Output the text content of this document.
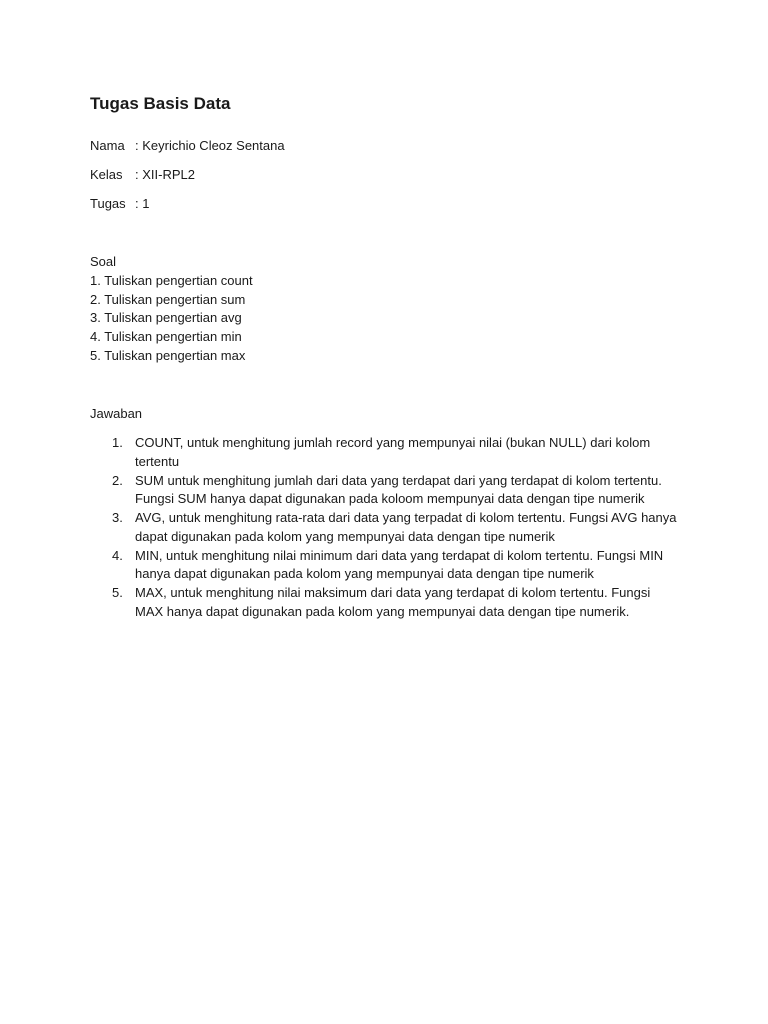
Tugas Basis Data
Nama : Keyrichio Cleoz Sentana
Kelas : XII-RPL2
Tugas : 1
Soal
1. Tuliskan pengertian count
2. Tuliskan pengertian sum
3. Tuliskan pengertian avg
4. Tuliskan pengertian min
5. Tuliskan pengertian max
Jawaban
1. COUNT, untuk menghitung jumlah record yang mempunyai nilai (bukan NULL) dari kolom tertentu
2. SUM untuk menghitung jumlah dari data yang terdapat dari yang terdapat di kolom tertentu. Fungsi SUM hanya dapat digunakan pada koloom mempunyai data dengan tipe numerik
3. AVG, untuk menghitung rata-rata dari data yang terpadat di kolom tertentu. Fungsi AVG hanya dapat digunakan pada kolom yang mempunyai data dengan tipe numerik
4. MIN, untuk menghitung nilai minimum dari data yang terdapat di kolom tertentu. Fungsi MIN hanya dapat digunakan pada kolom yang mempunyai data dengan tipe numerik
5. MAX, untuk menghitung nilai maksimum dari data yang terdapat di kolom tertentu. Fungsi MAX hanya dapat digunakan pada kolom yang mempunyai data dengan tipe numerik.
